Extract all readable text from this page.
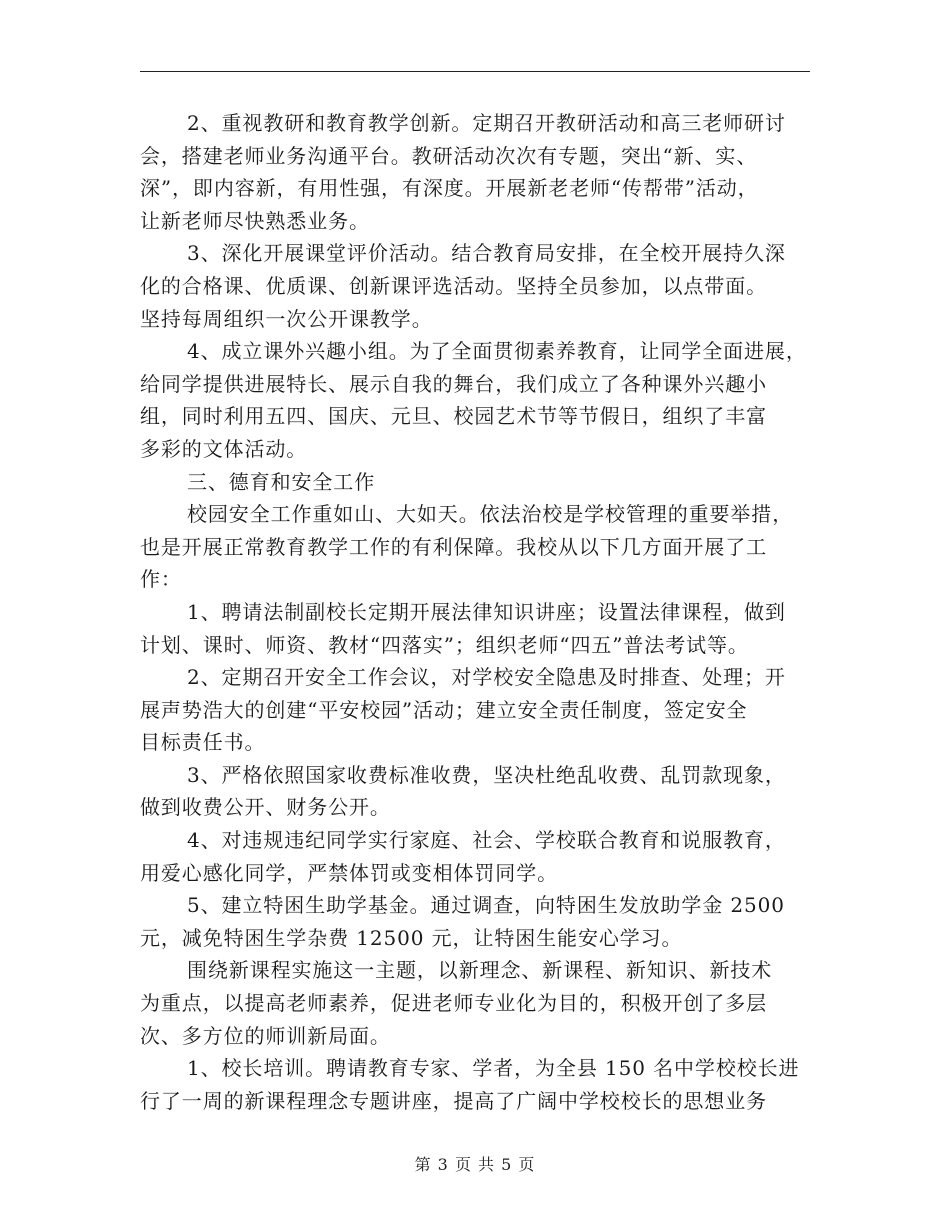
2、重视教研和教育教学创新。定期召开教研活动和高三老师研讨
会，搭建老师业务沟通平台。教研活动次次有专题，突出“新、实、
深”，即内容新，有用性强，有深度。开展新老老师“传帮带”活动，
让新老师尽快熟悉业务。
3、深化开展课堂评价活动。结合教育局安排，在全校开展持久深
化的合格课、优质课、创新课评选活动。坚持全员参加，以点带面。
坚持每周组织一次公开课教学。
4、成立课外兴趣小组。为了全面贯彻素养教育，让同学全面进展，
给同学提供进展特长、展示自我的舞台，我们成立了各种课外兴趣小
组，同时利用五四、国庆、元旦、校园艺术节等节假日，组织了丰富
多彩的文体活动。
三、德育和安全工作
校园安全工作重如山、大如天。依法治校是学校管理的重要举措，
也是开展正常教育教学工作的有利保障。我校从以下几方面开展了工
作：
1、聘请法制副校长定期开展法律知识讲座；设置法律课程，做到
计划、课时、师资、教材“四落实”；组织老师“四五”普法考试等。
2、定期召开安全工作会议，对学校安全隐患及时排查、处理；开
展声势浩大的创建“平安校园”活动；建立安全责任制度，签定安全
目标责任书。
3、严格依照国家收费标准收费，坚决杜绝乱收费、乱罚款现象，
做到收费公开、财务公开。
4、对违规违纪同学实行家庭、社会、学校联合教育和说服教育，
用爱心感化同学，严禁体罚或变相体罚同学。
5、建立特困生助学基金。通过调查，向特困生发放助学金 2500
元，减免特困生学杂费 12500 元，让特困生能安心学习。
围绕新课程实施这一主题，以新理念、新课程、新知识、新技术
为重点，以提高老师素养，促进老师专业化为目的，积极开创了多层
次、多方位的师训新局面。
1、校长培训。聘请教育专家、学者，为全县 150 名中学校校长进
行了一周的新课程理念专题讲座，提高了广阔中学校校长的思想业务
第 3 页 共 5 页
